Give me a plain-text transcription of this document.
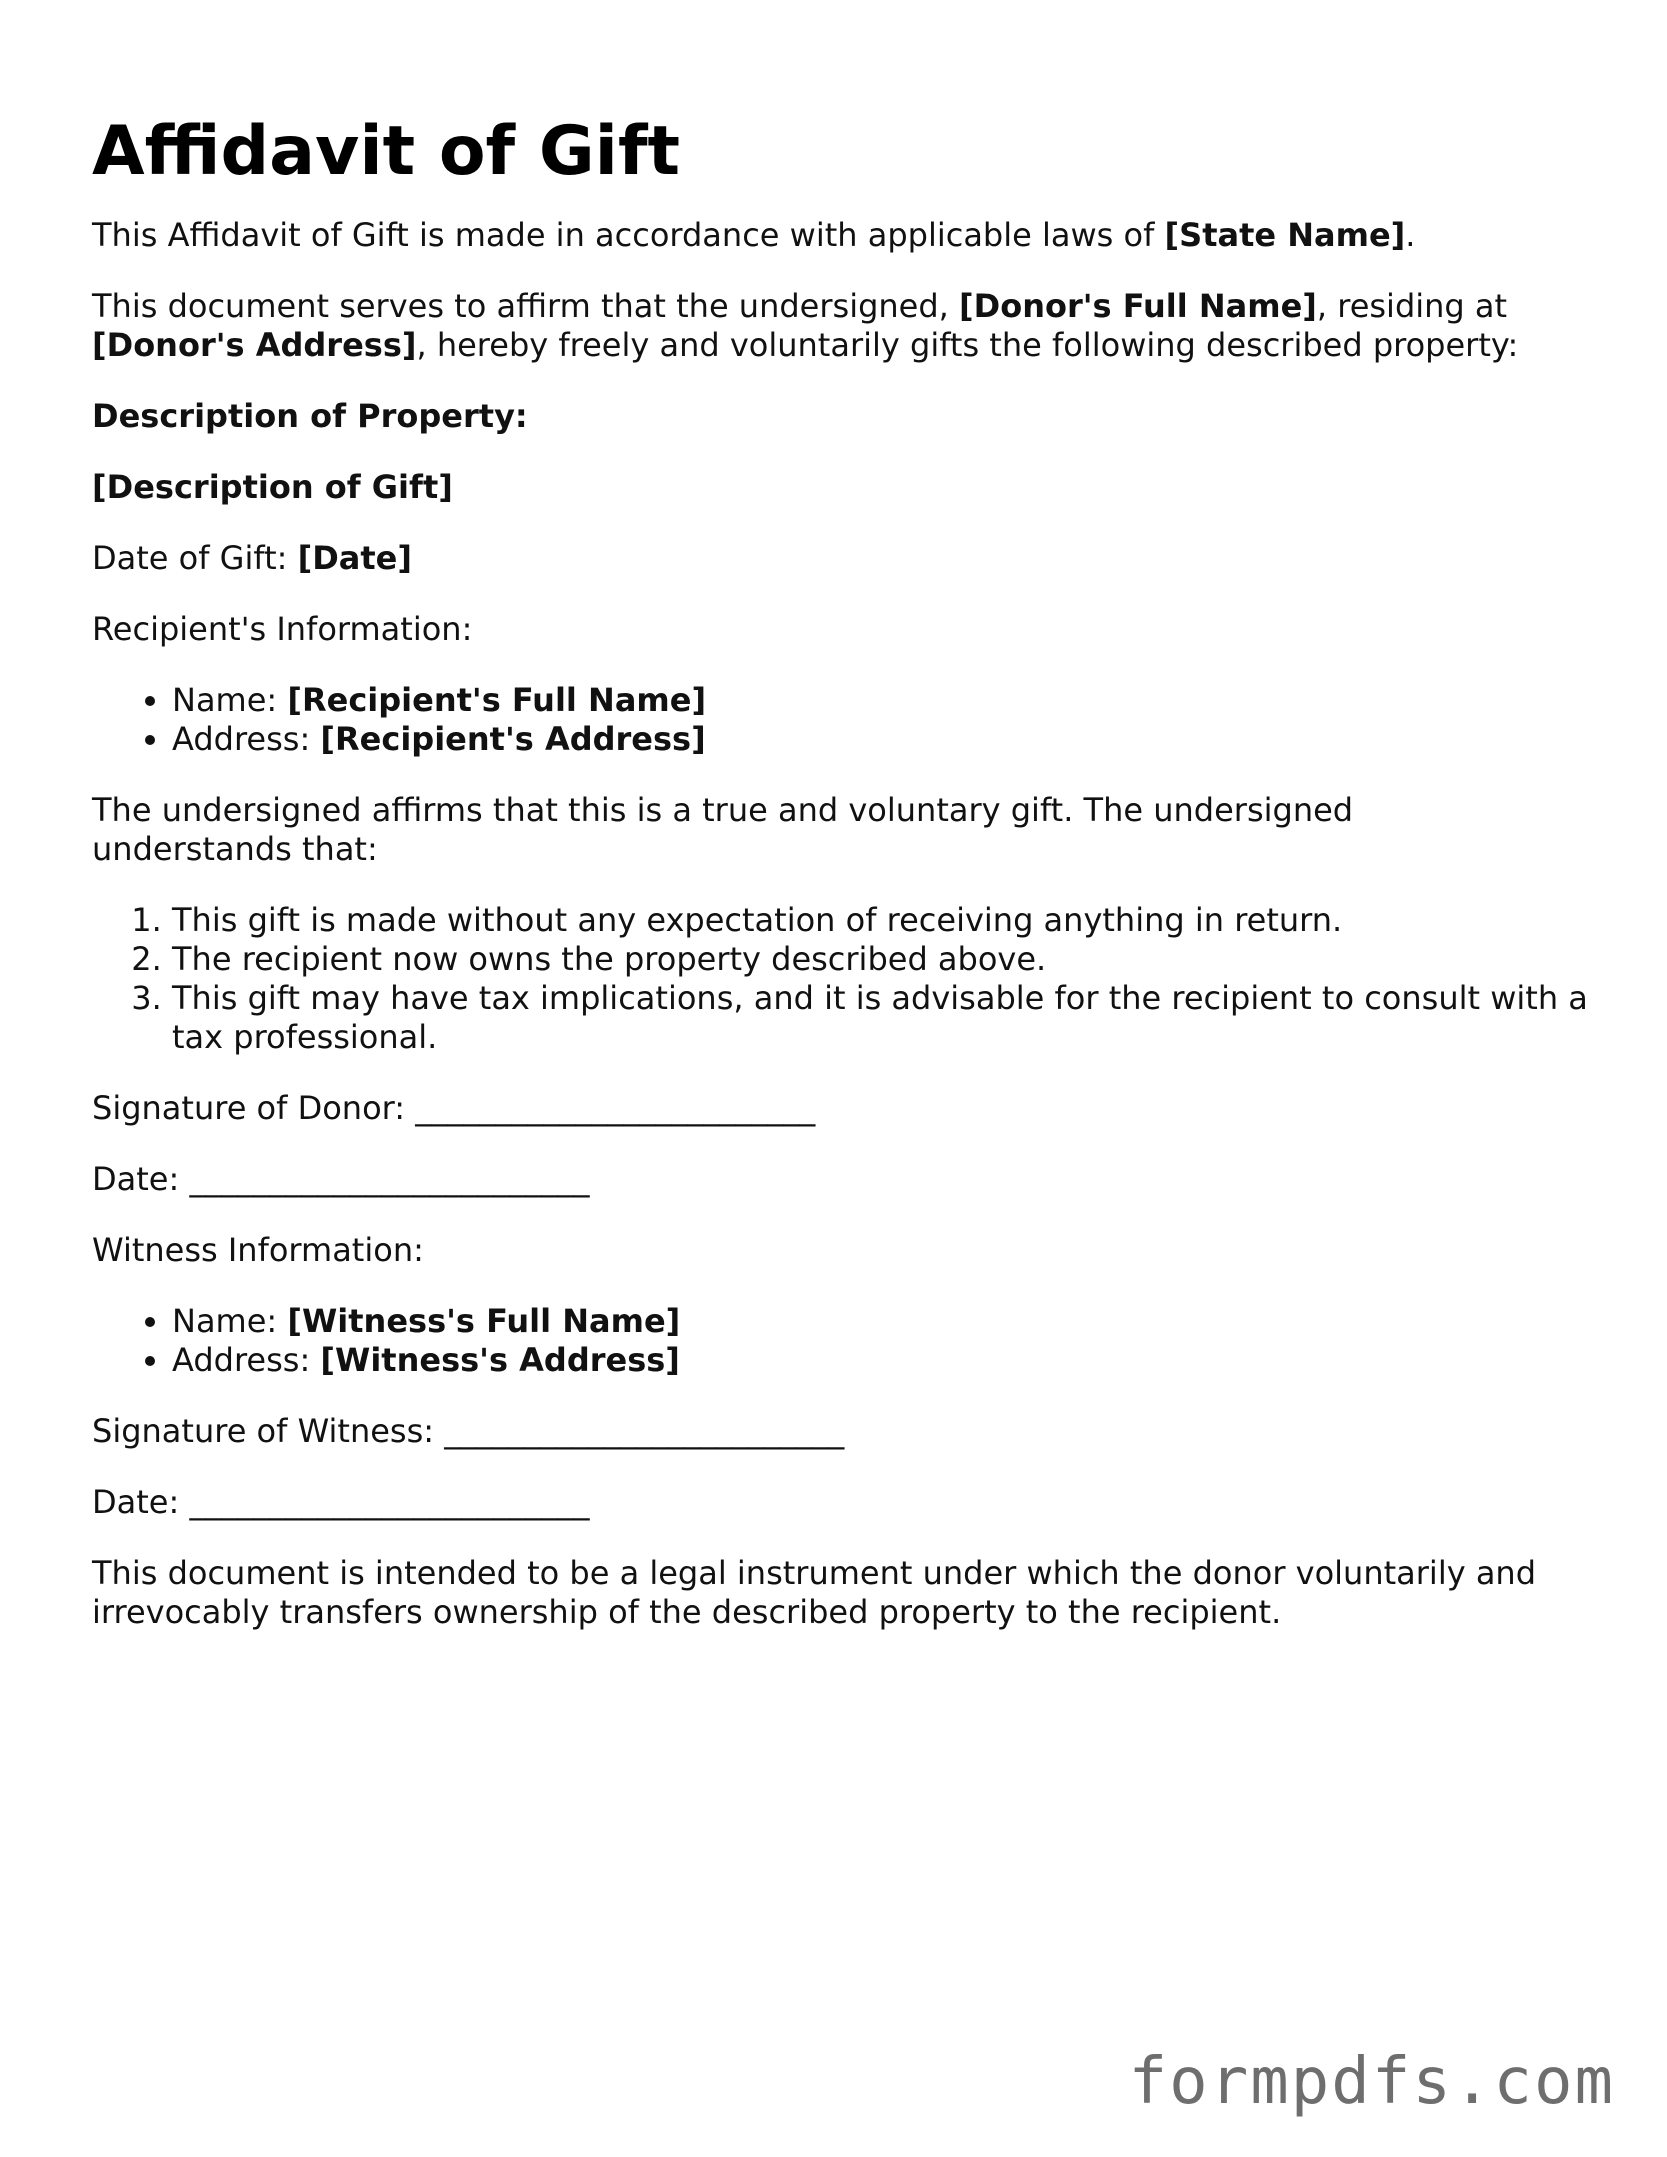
Affidavit of Gift

This Affidavit of Gift is made in accordance with applicable laws of [State Name].

This document serves to affirm that the undersigned, [Donor's Full Name], residing at
[Donor's Address], hereby freely and voluntarily gifts the following described property:

Description of Property:

[Description of Gift]

Date of Gift: [Date]

Recipient's Information:

• Name: [Recipient's Full Name]
• Address: [Recipient's Address]

The undersigned affirms that this is a true and voluntary gift. The undersigned understands that:

1. This gift is made without any expectation of receiving anything in return.
2. The recipient now owns the property described above.
3. This gift may have tax implications, and it is advisable for the recipient to consult with a tax professional.

Signature of Donor: _________________________

Date: _________________________

Witness Information:

• Name: [Witness's Full Name]
• Address: [Witness's Address]

Signature of Witness: _________________________

Date: _________________________

This document is intended to be a legal instrument under which the donor voluntarily and irrevocably transfers ownership of the described property to the recipient.

formpdfs.com
